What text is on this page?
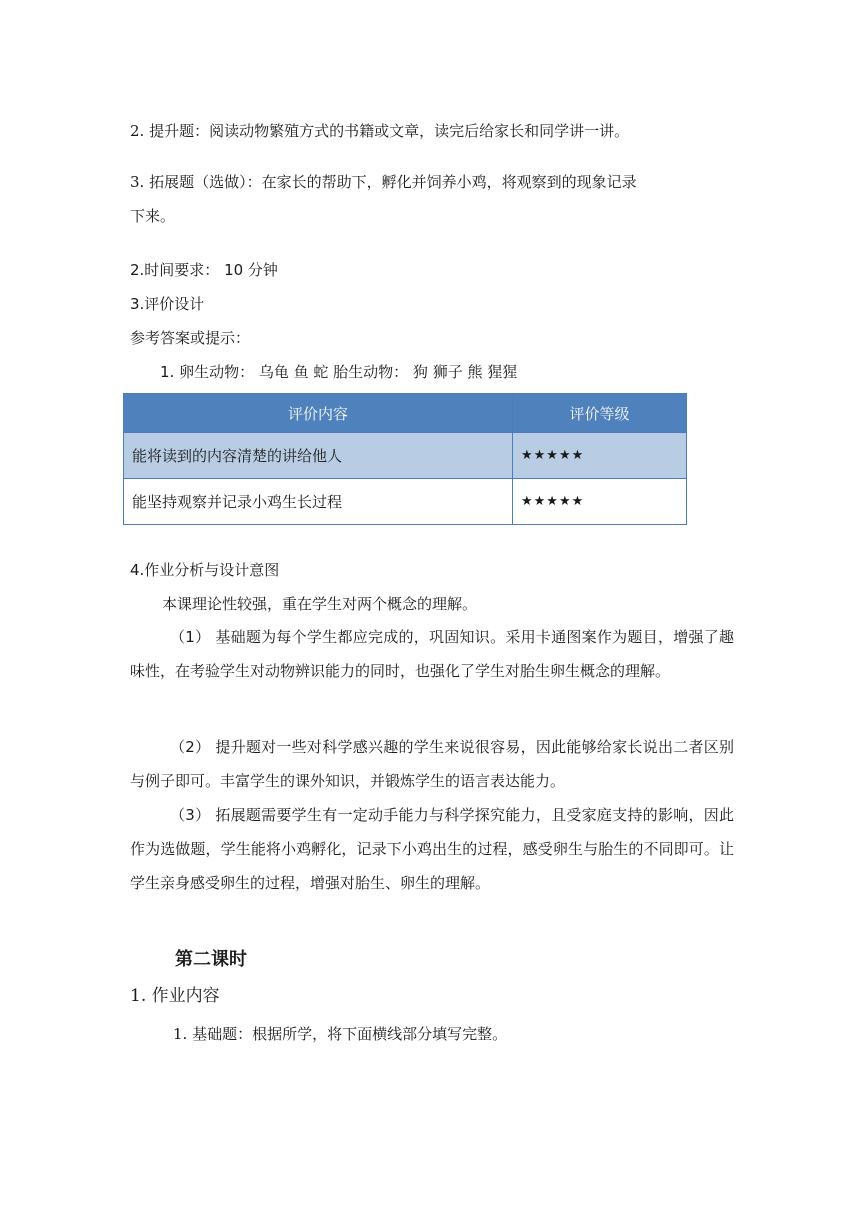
2. 提升题：阅读动物繁殖方式的书籍或文章，读完后给家长和同学讲一讲。
3. 拓展题（选做）：在家长的帮助下，孵化并饲养小鸡，将观察到的现象记录
下来。
2.时间要求： 10 分钟
3.评价设计
参考答案或提示：
1. 卵生动物： 乌龟 鱼 蛇 胎生动物： 狗 狮子 熊 猩猩
评价内容	评价等级
能将读到的内容清楚的讲给他人	★★★★★
能坚持观察并记录小鸡生长过程	★★★★★
4.作业分析与设计意图
本课理论性较强，重在学生对两个概念的理解。
（1） 基础题为每个学生都应完成的，巩固知识。采用卡通图案作为题目，增强了趣味性，在考验学生对动物辨识能力的同时，也强化了学生对胎生卵生概念的理解。
（2） 提升题对一些对科学感兴趣的学生来说很容易，因此能够给家长说出二者区别与例子即可。丰富学生的课外知识，并锻炼学生的语言表达能力。
（3） 拓展题需要学生有一定动手能力与科学探究能力，且受家庭支持的影响，因此作为选做题，学生能将小鸡孵化，记录下小鸡出生的过程，感受卵生与胎生的不同即可。让学生亲身感受卵生的过程，增强对胎生、卵生的理解。
第二课时
1. 作业内容
1. 基础题：根据所学，将下面横线部分填写完整。
